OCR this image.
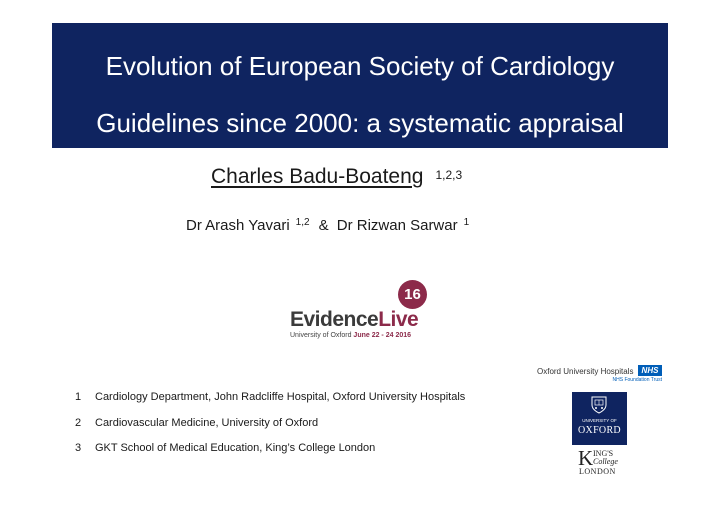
Evolution of European Society of Cardiology
Guidelines since 2000: a systematic appraisal
Charles Badu-Boateng $^{1,2,3}$
Dr Arash Yavari $^{1,2}$ & Dr Rizwan Sarwar $^1$
16
EvidenceLive
University of Oxford June 22 - 24 2016
Oxford University Hospitals	NHS
NHS Foundation Trust
1 Cardiology Department, John Radcliffe Hospital, Oxford University Hospitals
2 Cardiovascular Medicine, University of Oxford
3 GKT School of Medical Education, King’s College London
UNIVERSITY OF
OXFORD
K ING'S
College
LONDON
